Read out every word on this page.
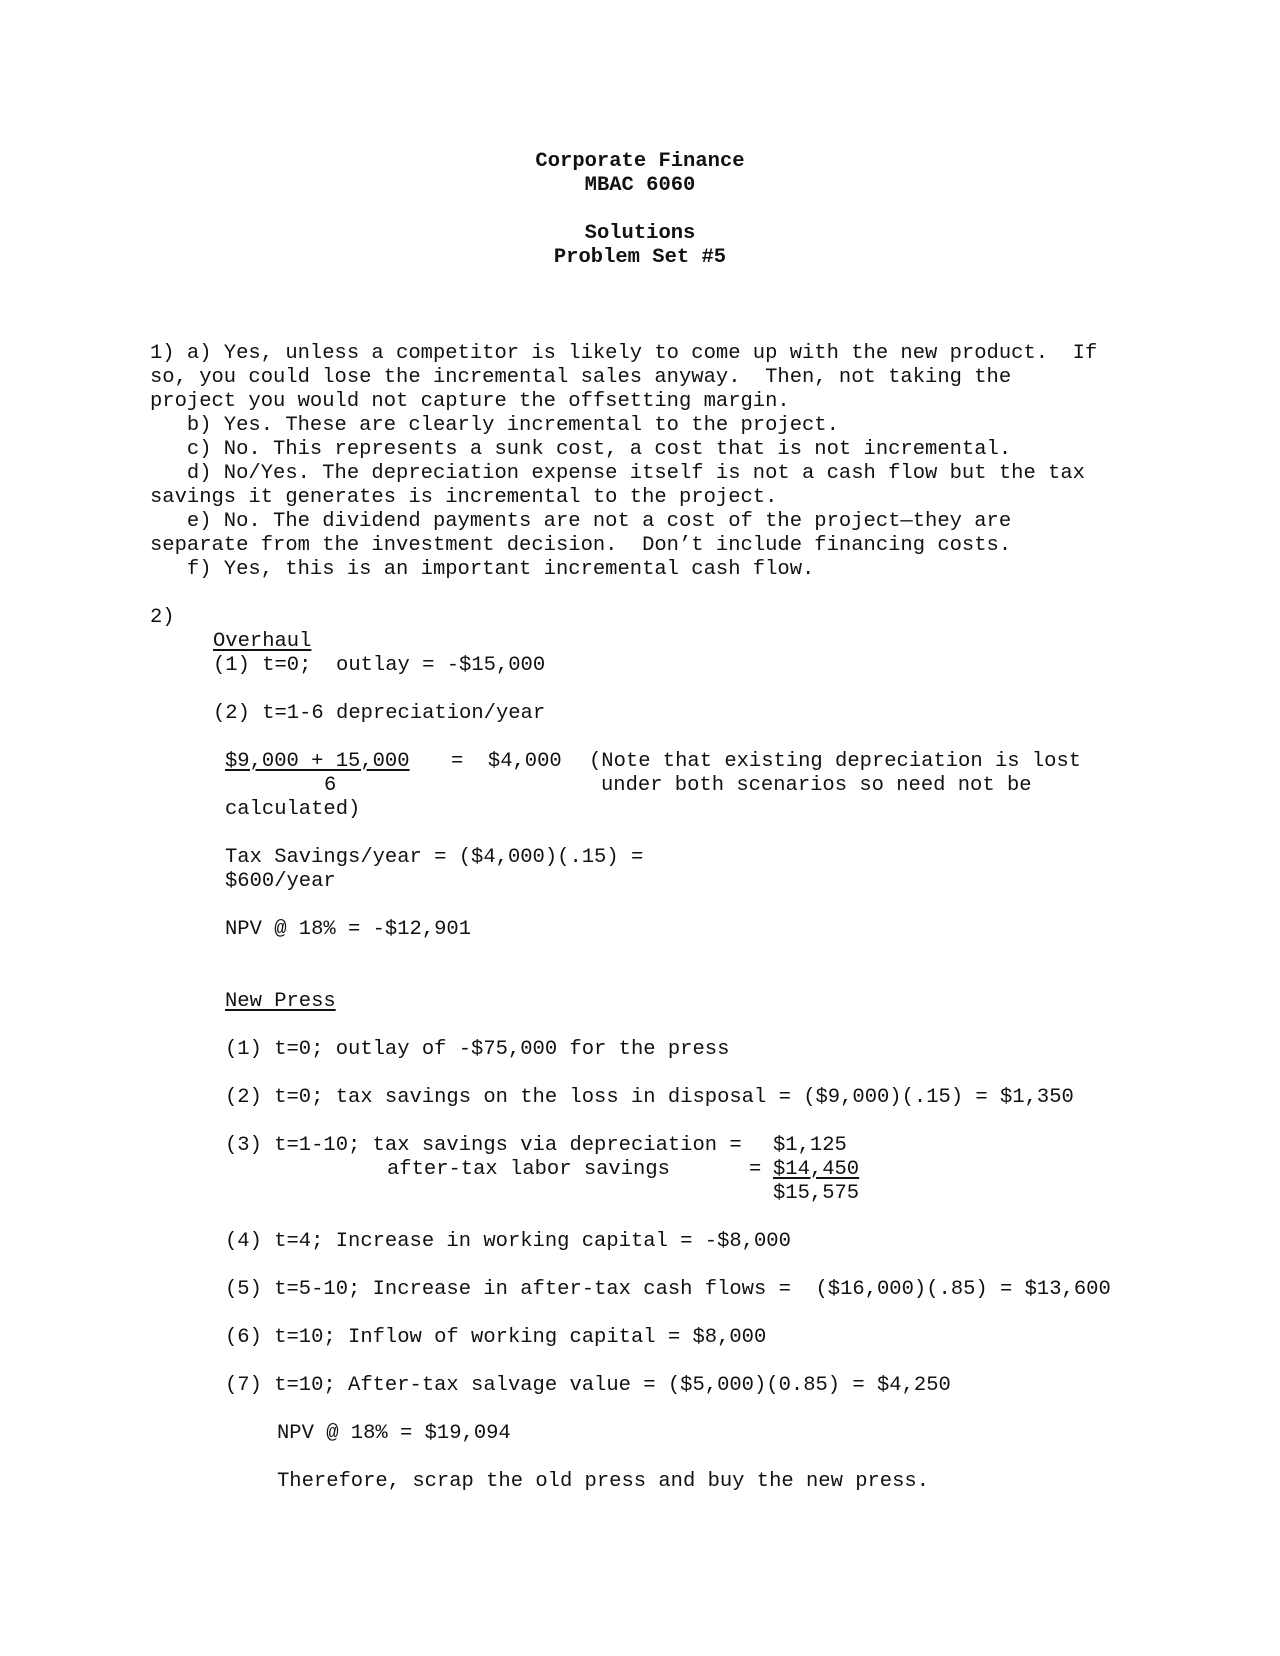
Corporate Finance
MBAC 6060
Solutions
Problem Set #5
1) a) Yes, unless a competitor is likely to come up with the new product.  If
so, you could lose the incremental sales anyway.  Then, not taking the
project you would not capture the offsetting margin.
b) Yes. These are clearly incremental to the project.
c) No. This represents a sunk cost, a cost that is not incremental.
d) No/Yes. The depreciation expense itself is not a cash flow but the tax
savings it generates is incremental to the project.
e) No. The dividend payments are not a cost of the project—they are
separate from the investment decision.  Don’t include financing costs.
f) Yes, this is an important incremental cash flow.
2)
Overhaul
(1) t=0;  outlay = -$15,000
(2) t=1-6 depreciation/year
$9,000 + 15,000
6
=  $4,000 (Note that existing depreciation is lost
under both scenarios so need not be
calculated)
Tax Savings/year = ($4,000)(.15) =
$600/year
NPV @ 18% = -$12,901
New Press
(1) t=0; outlay of -$75,000 for the press
(2) t=0; tax savings on the loss in disposal = ($9,000)(.15) = $1,350
(3) t=1-10; tax savings via depreciation = $1,125
after-tax labor savings	= $14,450
$15,575
(4) t=4; Increase in working capital = -$8,000
(5) t=5-10; Increase in after-tax cash flows =  ($16,000)(.85) = $13,600
(6) t=10; Inflow of working capital = $8,000
(7) t=10; After-tax salvage value = ($5,000)(0.85) = $4,250
NPV @ 18% = $19,094
Therefore, scrap the old press and buy the new press.
